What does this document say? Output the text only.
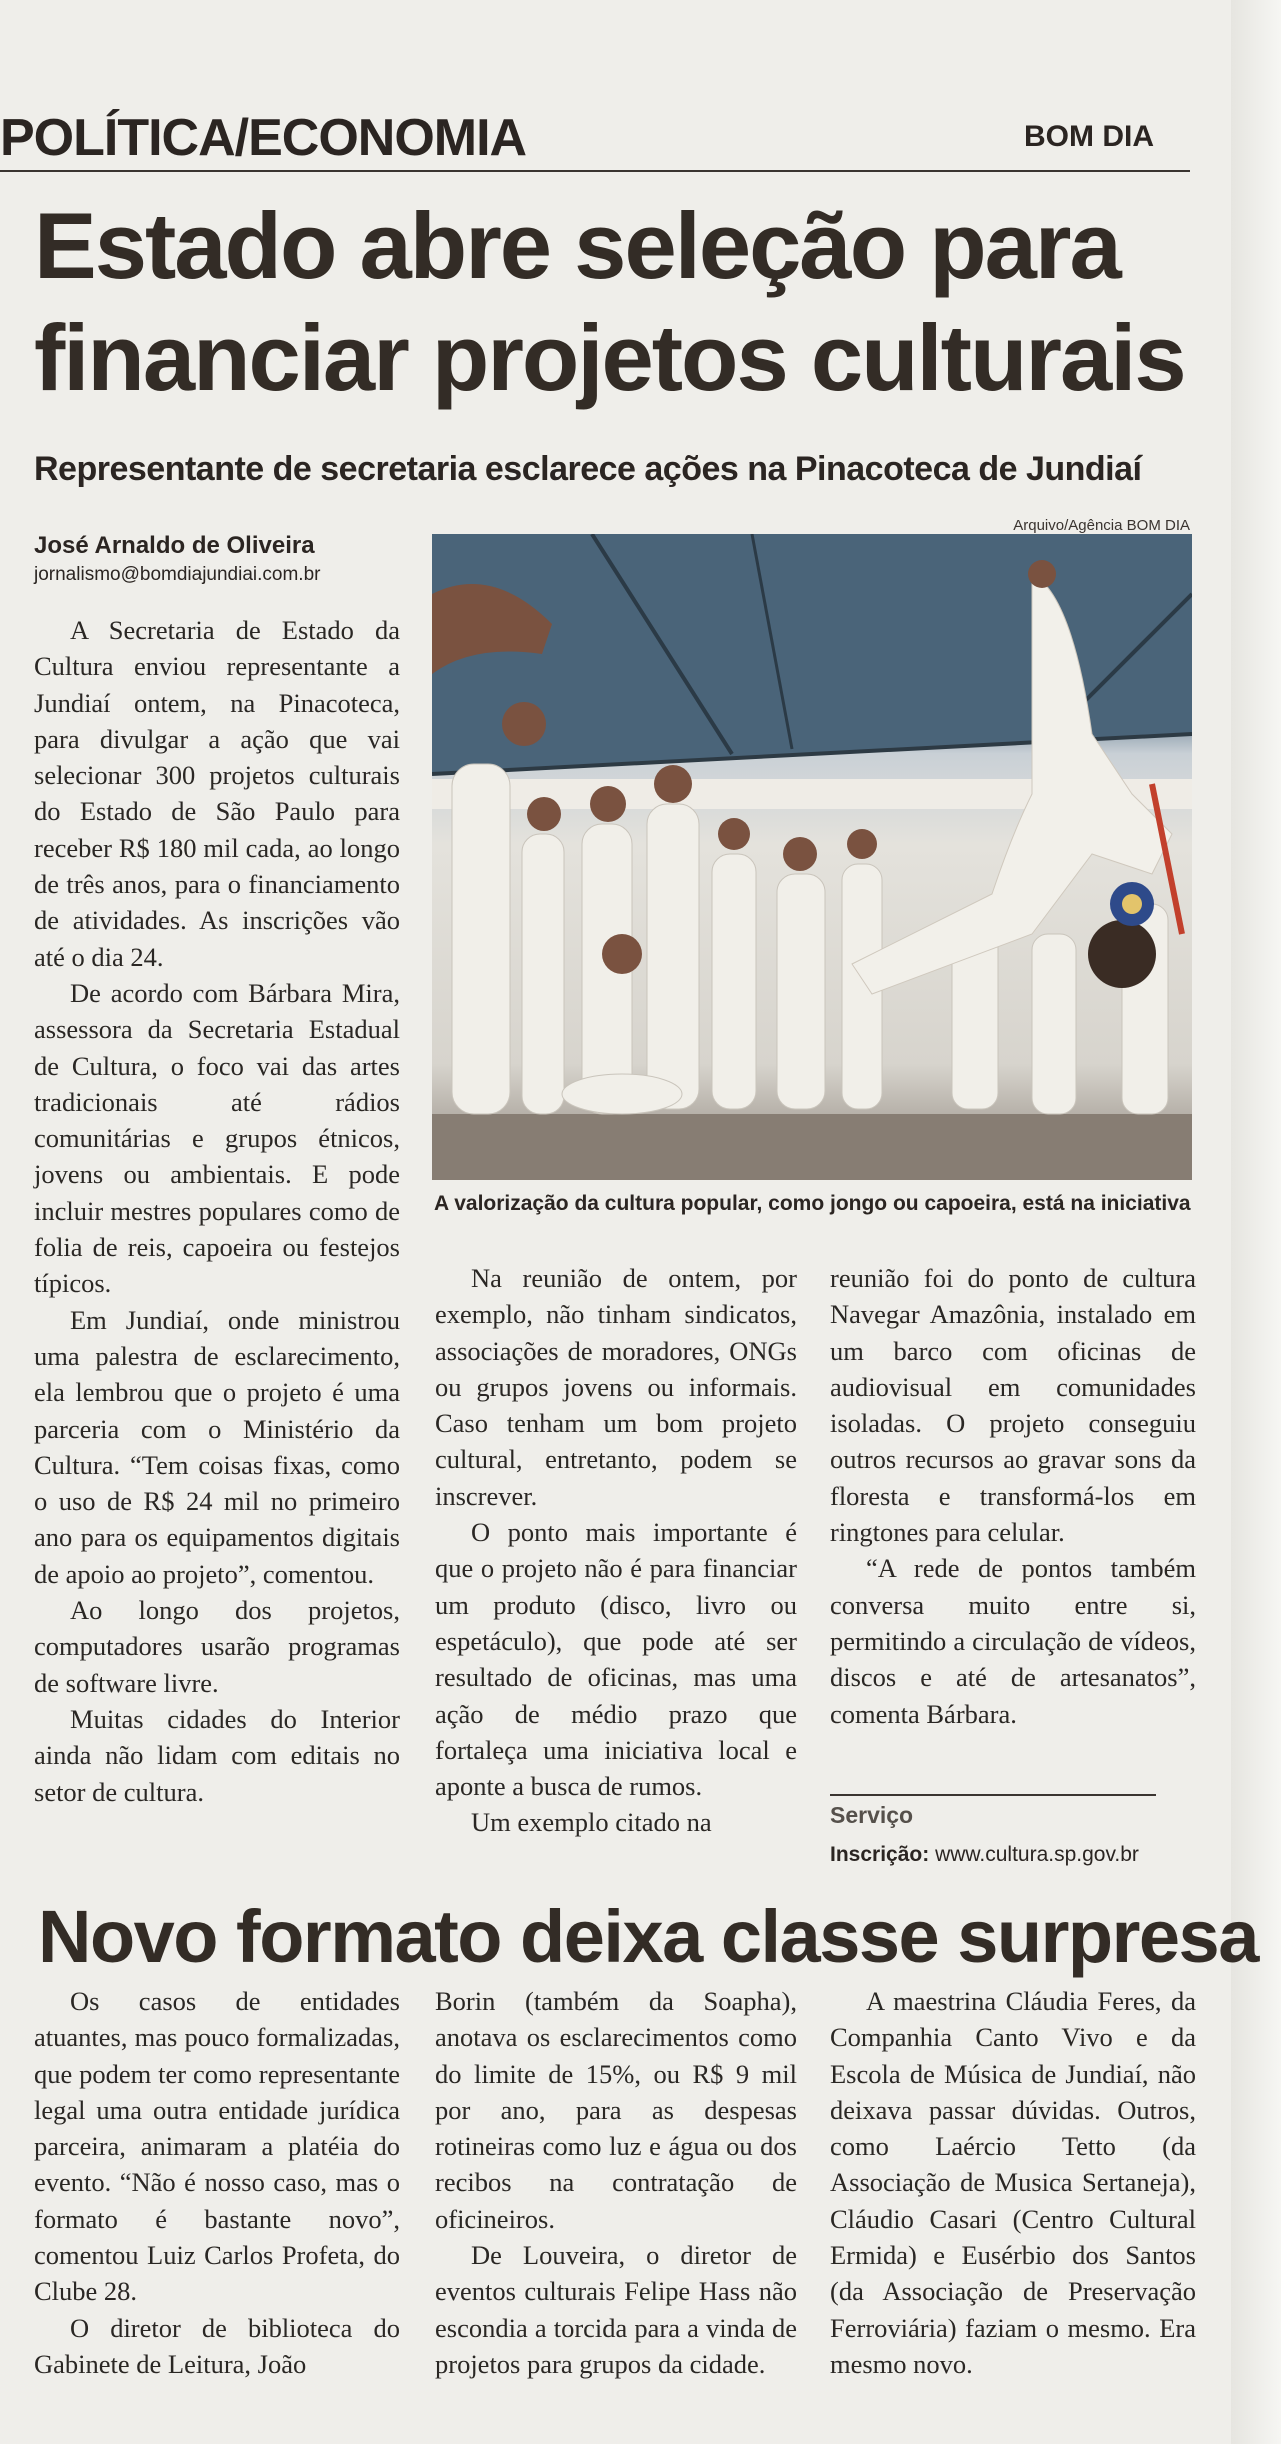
POLÍTICA/ECONOMIA	BOM DIA
Estado abre seleção para
financiar projetos culturais
Representante de secretaria esclarece ações na Pinacoteca de Jundiaí
José Arnaldo de Oliveira
jornalismo@bomdiajundiai.com.br

A Secretaria de Estado da Cultura enviou representante a Jundiaí ontem, na Pinacoteca, para divulgar a ação que vai selecionar 300 projetos culturais do Estado de São Paulo para receber R$ 180 mil cada, ao longo de três anos, para o financiamento de atividades. As inscrições vão até o dia 24.

De acordo com Bárbara Mira, assessora da Secretaria Estadual de Cultura, o foco vai das artes tradicionais até rádios comunitárias e grupos étnicos, jovens ou ambientais. E pode incluir mestres populares como de folia de reis, capoeira ou festejos típicos.

Em Jundiaí, onde ministrou uma palestra de esclarecimento, ela lembrou que o projeto é uma parceria com o Ministério da Cultura. “Tem coisas fixas, como o uso de R$ 24 mil no primeiro ano para os equipamentos digitais de apoio ao projeto”, comentou.

Ao longo dos projetos, computadores usarão programas de software livre.

Muitas cidades do Interior ainda não lidam com editais no setor de cultura.

Arquivo/Agência BOM DIA
A valorização da cultura popular, como jongo ou capoeira, está na iniciativa

Na reunião de ontem, por exemplo, não tinham sindicatos, associações de moradores, ONGs ou grupos jovens ou informais. Caso tenham um bom projeto cultural, entretanto, podem se inscrever.

O ponto mais importante é que o projeto não é para financiar um produto (disco, livro ou espetáculo), que pode até ser resultado de oficinas, mas uma ação de médio prazo que fortaleça uma iniciativa local e aponte a busca de rumos.

Um exemplo citado na

reunião foi do ponto de cultura Navegar Amazônia, instalado em um barco com oficinas de audiovisual em comunidades isoladas. O projeto conseguiu outros recursos ao gravar sons da floresta e transformá-los em ringtones para celular.

“A rede de pontos também conversa muito entre si, permitindo a circulação de vídeos, discos e até de artesanatos”, comenta Bárbara.

Serviço
Inscrição: www.cultura.sp.gov.br
Novo formato deixa classe surpresa

Os casos de entidades atuantes, mas pouco formalizadas, que podem ter como representante legal uma outra entidade jurídica parceira, animaram a platéia do evento. “Não é nosso caso, mas o formato é bastante novo”, comentou Luiz Carlos Profeta, do Clube 28.

O diretor de biblioteca do Gabinete de Leitura, João

Borin (também da Soapha), anotava os esclarecimentos como do limite de 15%, ou R$ 9 mil por ano, para as despesas rotineiras como luz e água ou dos recibos na contratação de oficineiros.

De Louveira, o diretor de eventos culturais Felipe Hass não escondia a torcida para a vinda de projetos para grupos da cidade.

A maestrina Cláudia Feres, da Companhia Canto Vivo e da Escola de Música de Jundiaí, não deixava passar dúvidas. Outros, como Laércio Tetto (da Associação de Musica Sertaneja), Cláudio Casari (Centro Cultural Ermida) e Eusérbio dos Santos (da Associação de Preservação Ferroviária) faziam o mesmo. Era mesmo novo.
